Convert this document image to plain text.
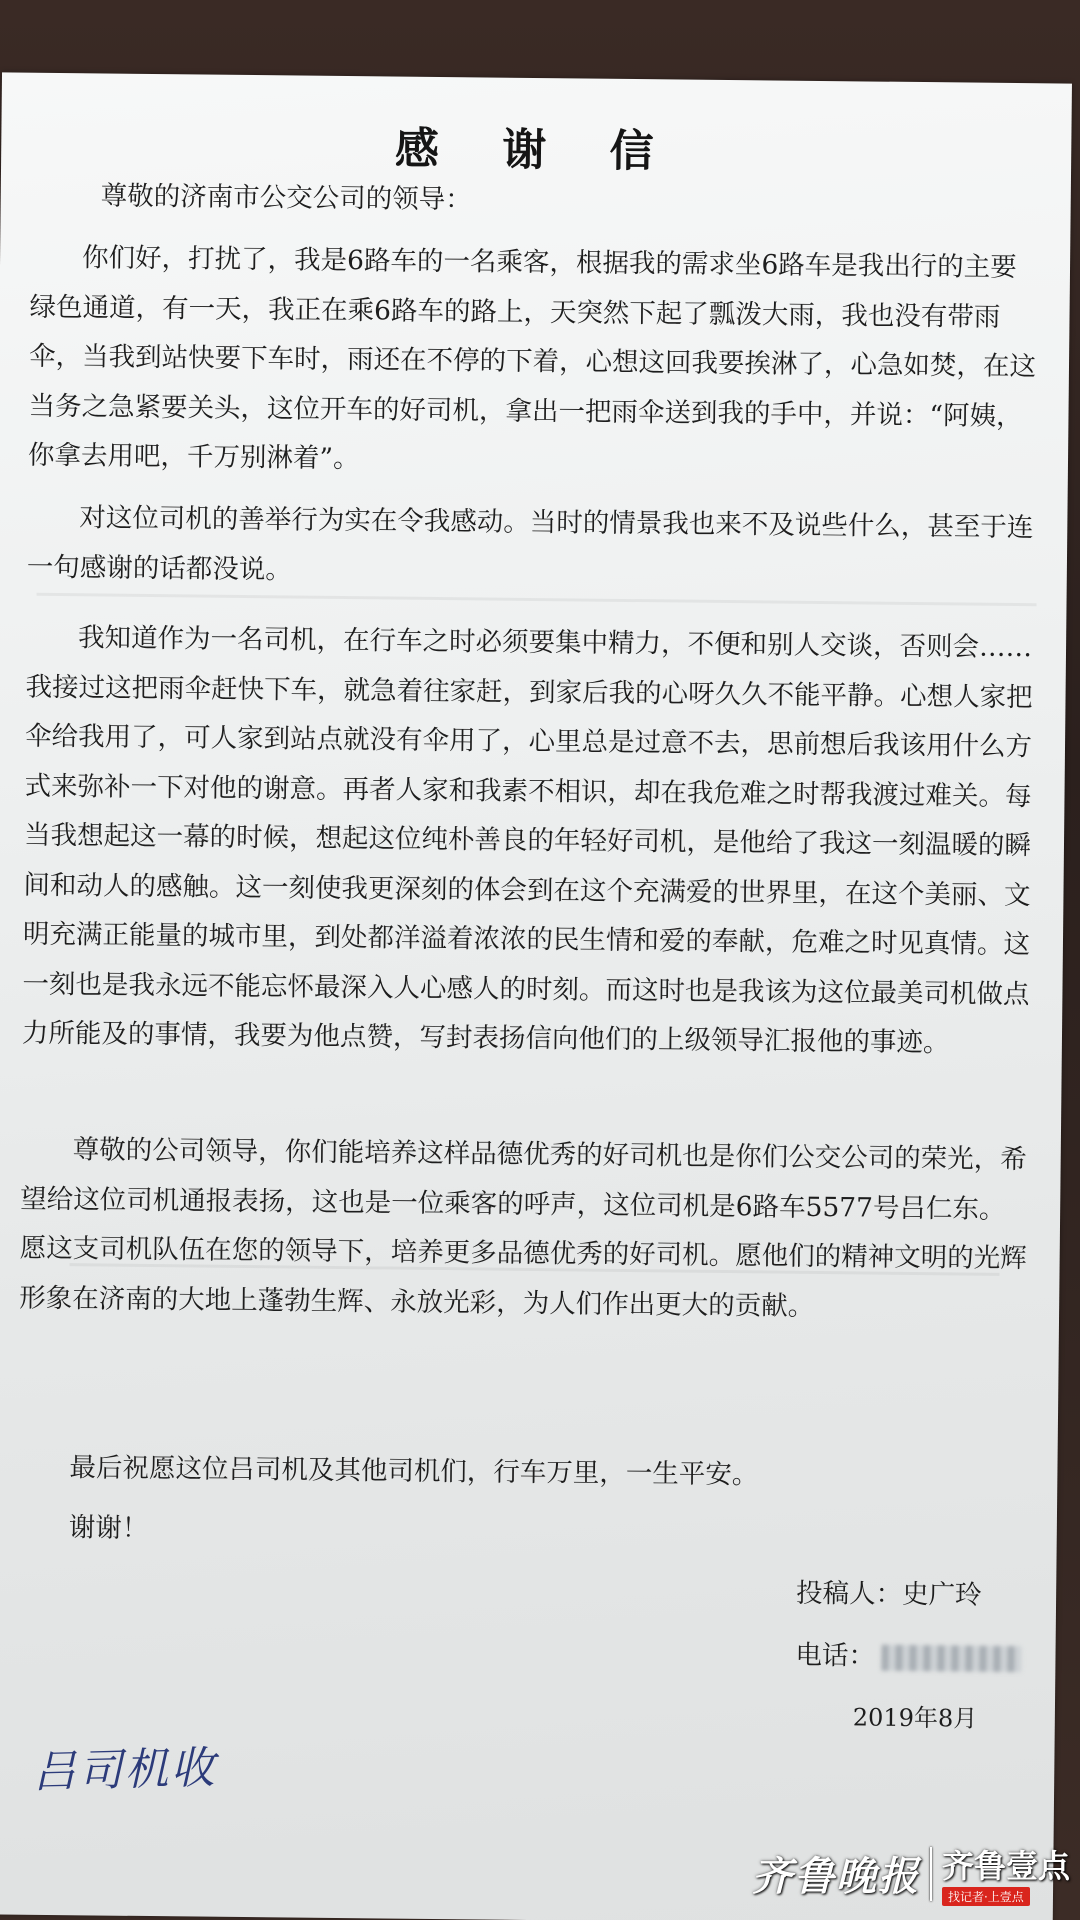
感 谢 信
尊敬的济南市公交公司的领导：

你们好，打扰了，我是6路车的一名乘客，根据我的需求坐6路车是我出行的主要绿色通道，有一天，我正在乘6路车的路上，天突然下起了瓢泼大雨，我也没有带雨伞，当我到站快要下车时，雨还在不停的下着，心想这回我要挨淋了，心急如焚，在这当务之急紧要关头，这位开车的好司机，拿出一把雨伞送到我的手中，并说：“阿姨，你拿去用吧，千万别淋着”。

对这位司机的善举行为实在令我感动。当时的情景我也来不及说些什么，甚至于连一句感谢的话都没说。

我知道作为一名司机，在行车之时必须要集中精力，不便和别人交谈，否则会……我接过这把雨伞赶快下车，就急着往家赶，到家后我的心呀久久不能平静。心想人家把伞给我用了，可人家到站点就没有伞用了，心里总是过意不去，思前想后我该用什么方式来弥补一下对他的谢意。再者人家和我素不相识，却在我危难之时帮我渡过难关。每当我想起这一幕的时候，想起这位纯朴善良的年轻好司机，是他给了我这一刻温暖的瞬间和动人的感触。这一刻使我更深刻的体会到在这个充满爱的世界里，在这个美丽、文明充满正能量的城市里，到处都洋溢着浓浓的民生情和爱的奉献，危难之时见真情。这一刻也是我永远不能忘怀最深入人心感人的时刻。而这时也是我该为这位最美司机做点力所能及的事情，我要为他点赞，写封表扬信向他们的上级领导汇报他的事迹。

尊敬的公司领导，你们能培养这样品德优秀的好司机也是你们公交公司的荣光，希望给这位司机通报表扬，这也是一位乘客的呼声，这位司机是6路车5577号吕仁东。愿这支司机队伍在您的领导下，培养更多品德优秀的好司机。愿他们的精神文明的光辉形象在济南的大地上蓬勃生辉、永放光彩，为人们作出更大的贡献。

最后祝愿这位吕司机及其他司机们，行车万里，一生平安。

谢谢！

投稿人：史广玲
电话：
2019年8月
吕司机收
齐鲁晚报 齐鲁壹点
找记者·上壹点
